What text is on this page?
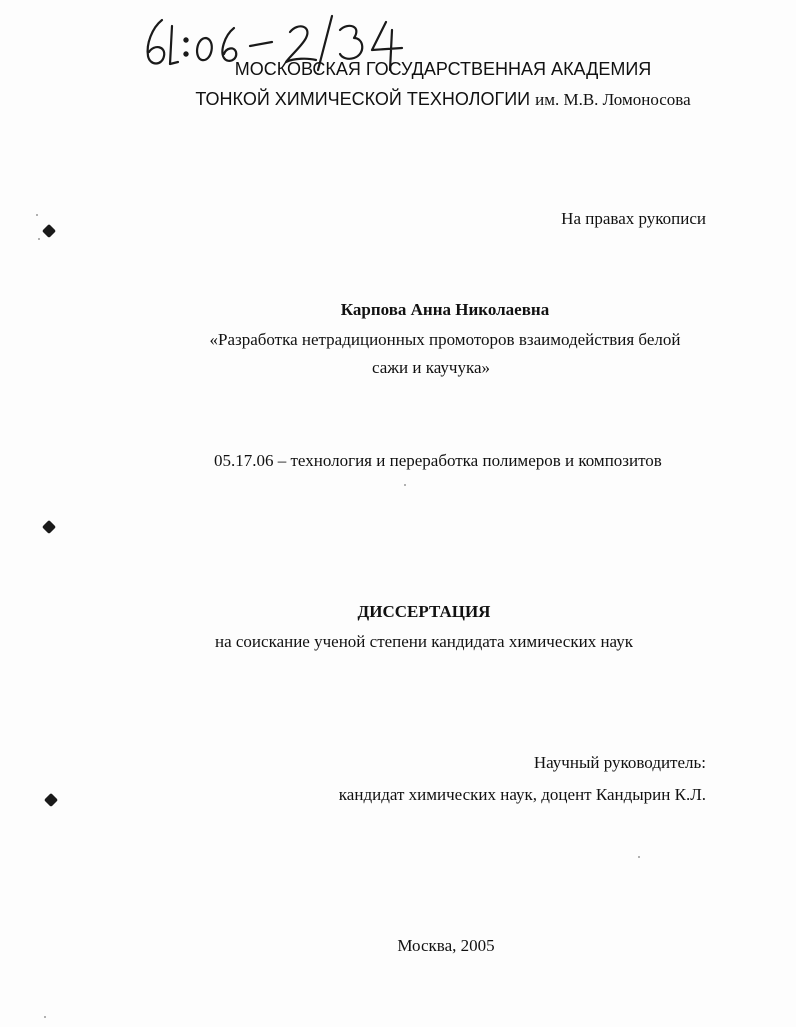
МОСКОВСКАЯ ГОСУДАРСТВЕННАЯ АКАДЕМИЯ
ТОНКОЙ ХИМИЧЕСКОЙ ТЕХНОЛОГИИ им. М.В. Ломоносова
На правах рукописи
Карпова Анна Николаевна
«Разработка нетрадиционных промоторов взаимодействия белой
сажи и каучука»
05.17.06 – технология и переработка полимеров и композитов
ДИССЕРТАЦИЯ
на соискание ученой степени кандидата химических наук
Научный руководитель:
кандидат химических наук, доцент Кандырин К.Л.
Москва, 2005
